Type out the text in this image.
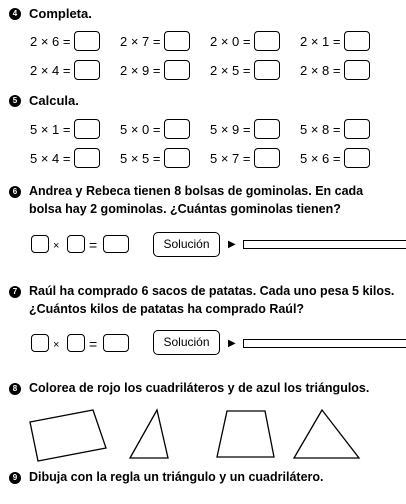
4 Completa.
2 × 6 =	2 × 7 =	2 × 0 =	2 × 1 =
2 × 4 =	2 × 9 =	2 × 5 =	2 × 8 =
5 Calcula.
5 × 1 =	5 × 0 =	5 × 9 =	5 × 8 =
5 × 4 =	5 × 5 =	5 × 7 =	5 × 6 =
6 Andrea y Rebeca tienen 8 bolsas de gominolas. En cada
bolsa hay 2 gominolas. ¿Cuántas gominolas tienen?
× =	Solución	▶
7 Raúl ha comprado 6 sacos de patatas. Cada uno pesa 5 kilos.
¿Cuántos kilos de patatas ha comprado Raúl?
× =	Solución	▶
8 Colorea de rojo los cuadriláteros y de azul los triángulos.
9 Dibuja con la regla un triángulo y un cuadrilátero.
